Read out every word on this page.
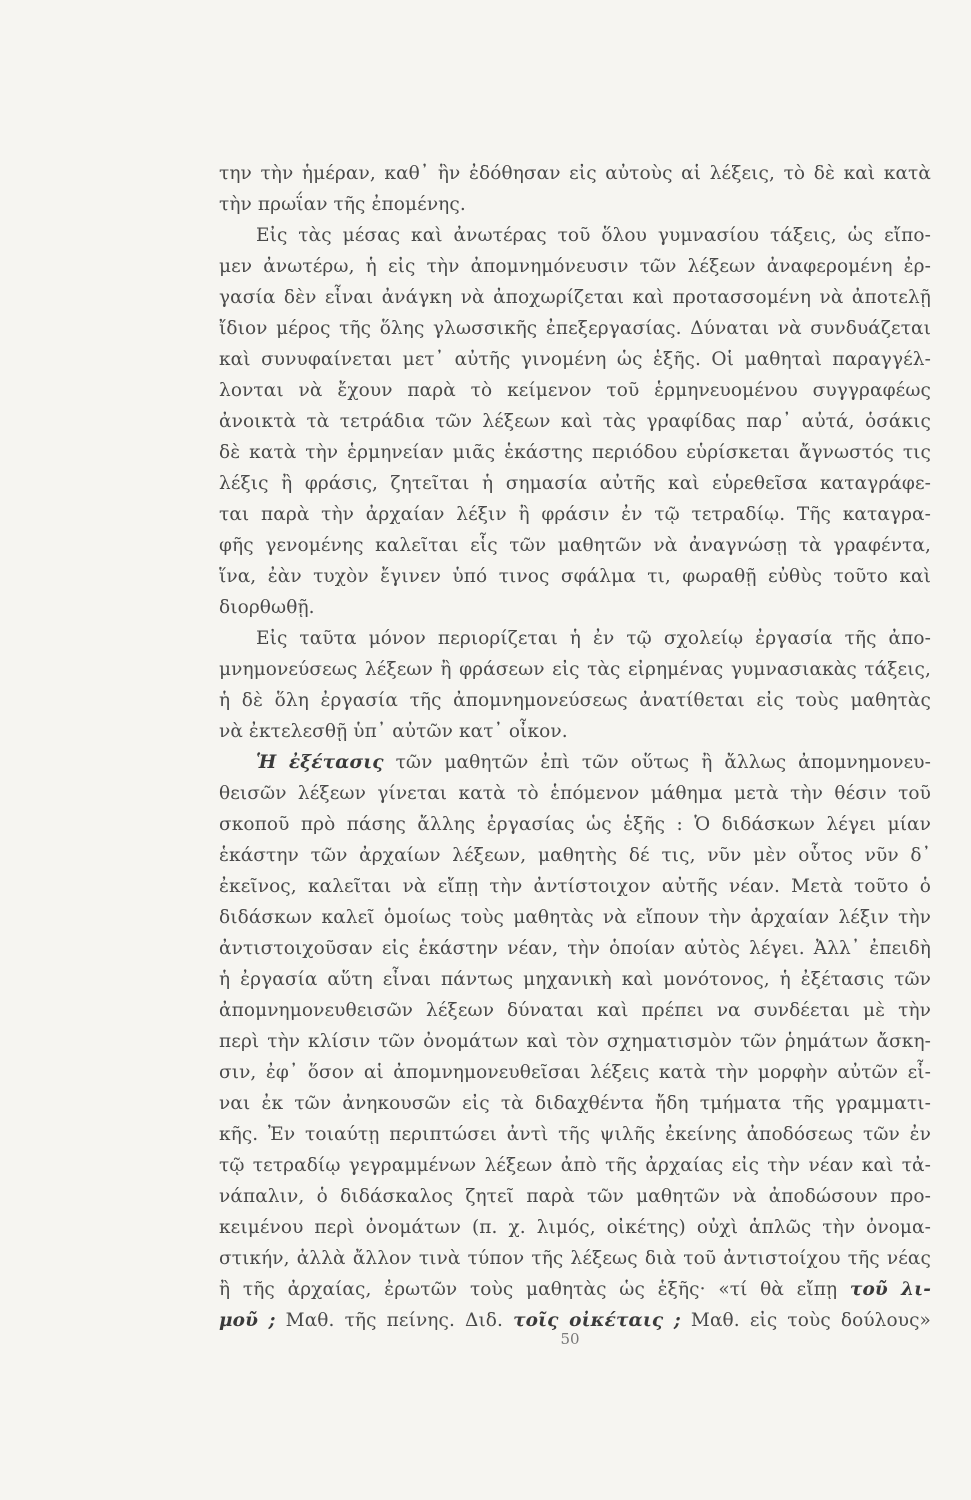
την τὴν ἡμέραν, καθ᾽ ἣν ἐδόθησαν εἰς αὐτοὺς αἱ λέξεις, τὸ δὲ καὶ κατὰ
τὴν πρωΐαν τῆς ἐπομένης.
Εἰς τὰς μέσας καὶ ἀνωτέρας τοῦ ὅλου γυμνασίου τάξεις, ὡς εἴπο-
μεν ἀνωτέρω, ἡ εἰς τὴν ἀπομνημόνευσιν τῶν λέξεων ἀναφερομένη ἐρ-
γασία δὲν εἶναι ἀνάγκη νὰ ἀποχωρίζεται καὶ προτασσομένη νὰ ἀποτελῇ
ἴδιον μέρος τῆς ὅλης γλωσσικῆς ἐπεξεργασίας. Δύναται νὰ συνδυάζεται
καὶ συνυφαίνεται μετ᾽ αὐτῆς γινομένη ὡς ἑξῆς. Οἱ μαθηταὶ παραγγέλ-
λονται νὰ ἔχουν παρὰ τὸ κείμενον τοῦ ἑρμηνευομένου συγγραφέως
ἀνοικτὰ τὰ τετράδια τῶν λέξεων καὶ τὰς γραφίδας παρ᾽ αὐτά, ὁσάκις
δὲ κατὰ τὴν ἑρμηνείαν μιᾶς ἑκάστης περιόδου εὑρίσκεται ἄγνωστός τις
λέξις ἢ φράσις, ζητεῖται ἡ σημασία αὐτῆς καὶ εὑρεθεῖσα καταγράφε-
ται παρὰ τὴν ἀρχαίαν λέξιν ἢ φράσιν ἐν τῷ τετραδίῳ. Τῆς καταγρα-
φῆς γενομένης καλεῖται εἷς τῶν μαθητῶν νὰ ἀναγνώσῃ τὰ γραφέντα,
ἵνα, ἐὰν τυχὸν ἔγινεν ὑπό τινος σφάλμα τι, φωραθῇ εὐθὺς τοῦτο καὶ
διορθωθῇ.
Εἰς ταῦτα μόνον περιορίζεται ἡ ἐν τῷ σχολείῳ ἐργασία τῆς ἀπο-
μνημονεύσεως λέξεων ἢ φράσεων εἰς τὰς εἰρημένας γυμνασιακὰς τάξεις,
ἡ δὲ ὅλη ἐργασία τῆς ἀπομνημονεύσεως ἀνατίθεται εἰς τοὺς μαθητὰς
νὰ ἐκτελεσθῇ ὑπ᾽ αὐτῶν κατ᾽ οἶκον.
Ἡ ἐξέτασις τῶν μαθητῶν ἐπὶ τῶν οὕτως ἢ ἄλλως ἀπομνημονευ-
θεισῶν λέξεων γίνεται κατὰ τὸ ἑπόμενον μάθημα μετὰ τὴν θέσιν τοῦ
σκοποῦ πρὸ πάσης ἄλλης ἐργασίας ὡς ἑξῆς : Ὁ διδάσκων λέγει μίαν
ἑκάστην τῶν ἀρχαίων λέξεων, μαθητὴς δέ τις, νῦν μὲν οὗτος νῦν δ᾽
ἐκεῖνος, καλεῖται νὰ εἴπῃ τὴν ἀντίστοιχον αὐτῆς νέαν. Μετὰ τοῦτο ὁ
διδάσκων καλεῖ ὁμοίως τοὺς μαθητὰς νὰ εἴπουν τὴν ἀρχαίαν λέξιν τὴν
ἀντιστοιχοῦσαν εἰς ἑκάστην νέαν, τὴν ὁποίαν αὐτὸς λέγει. Ἀλλ᾽ ἐπειδὴ
ἡ ἐργασία αὕτη εἶναι πάντως μηχανικὴ καὶ μονότονος, ἡ ἐξέτασις τῶν
ἀπομνημονευθεισῶν λέξεων δύναται καὶ πρέπει να συνδέεται μὲ τὴν
περὶ τὴν κλίσιν τῶν ὀνομάτων καὶ τὸν σχηματισμὸν τῶν ῥημάτων ἄσκη-
σιν, ἐφ᾽ ὅσον αἱ ἀπομνημονευθεῖσαι λέξεις κατὰ τὴν μορφὴν αὐτῶν εἶ-
ναι ἐκ τῶν ἀνηκουσῶν εἰς τὰ διδαχθέντα ἤδη τμήματα τῆς γραμματι-
κῆς. Ἐν τοιαύτῃ περιπτώσει ἀντὶ τῆς ψιλῆς ἐκείνης ἀποδόσεως τῶν ἐν
τῷ τετραδίῳ γεγραμμένων λέξεων ἀπὸ τῆς ἀρχαίας εἰς τὴν νέαν καὶ τἀ-
νάπαλιν, ὁ διδάσκαλος ζητεῖ παρὰ τῶν μαθητῶν νὰ ἀποδώσουν προ-
κειμένου περὶ ὀνομάτων (π. χ. λιμός, οἰκέτης) οὐχὶ ἁπλῶς τὴν ὀνομα-
στικήν, ἀλλὰ ἄλλον τινὰ τύπον τῆς λέξεως διὰ τοῦ ἀντιστοίχου τῆς νέας
ἢ τῆς ἀρχαίας, ἐρωτῶν τοὺς μαθητὰς ὡς ἑξῆς· «τί θὰ εἴπῃ τοῦ λι-
μοῦ ; Μαθ. τῆς πείνης. Διδ. τοῖς οἰκέταις ; Μαθ. εἰς τοὺς δούλους»
50
